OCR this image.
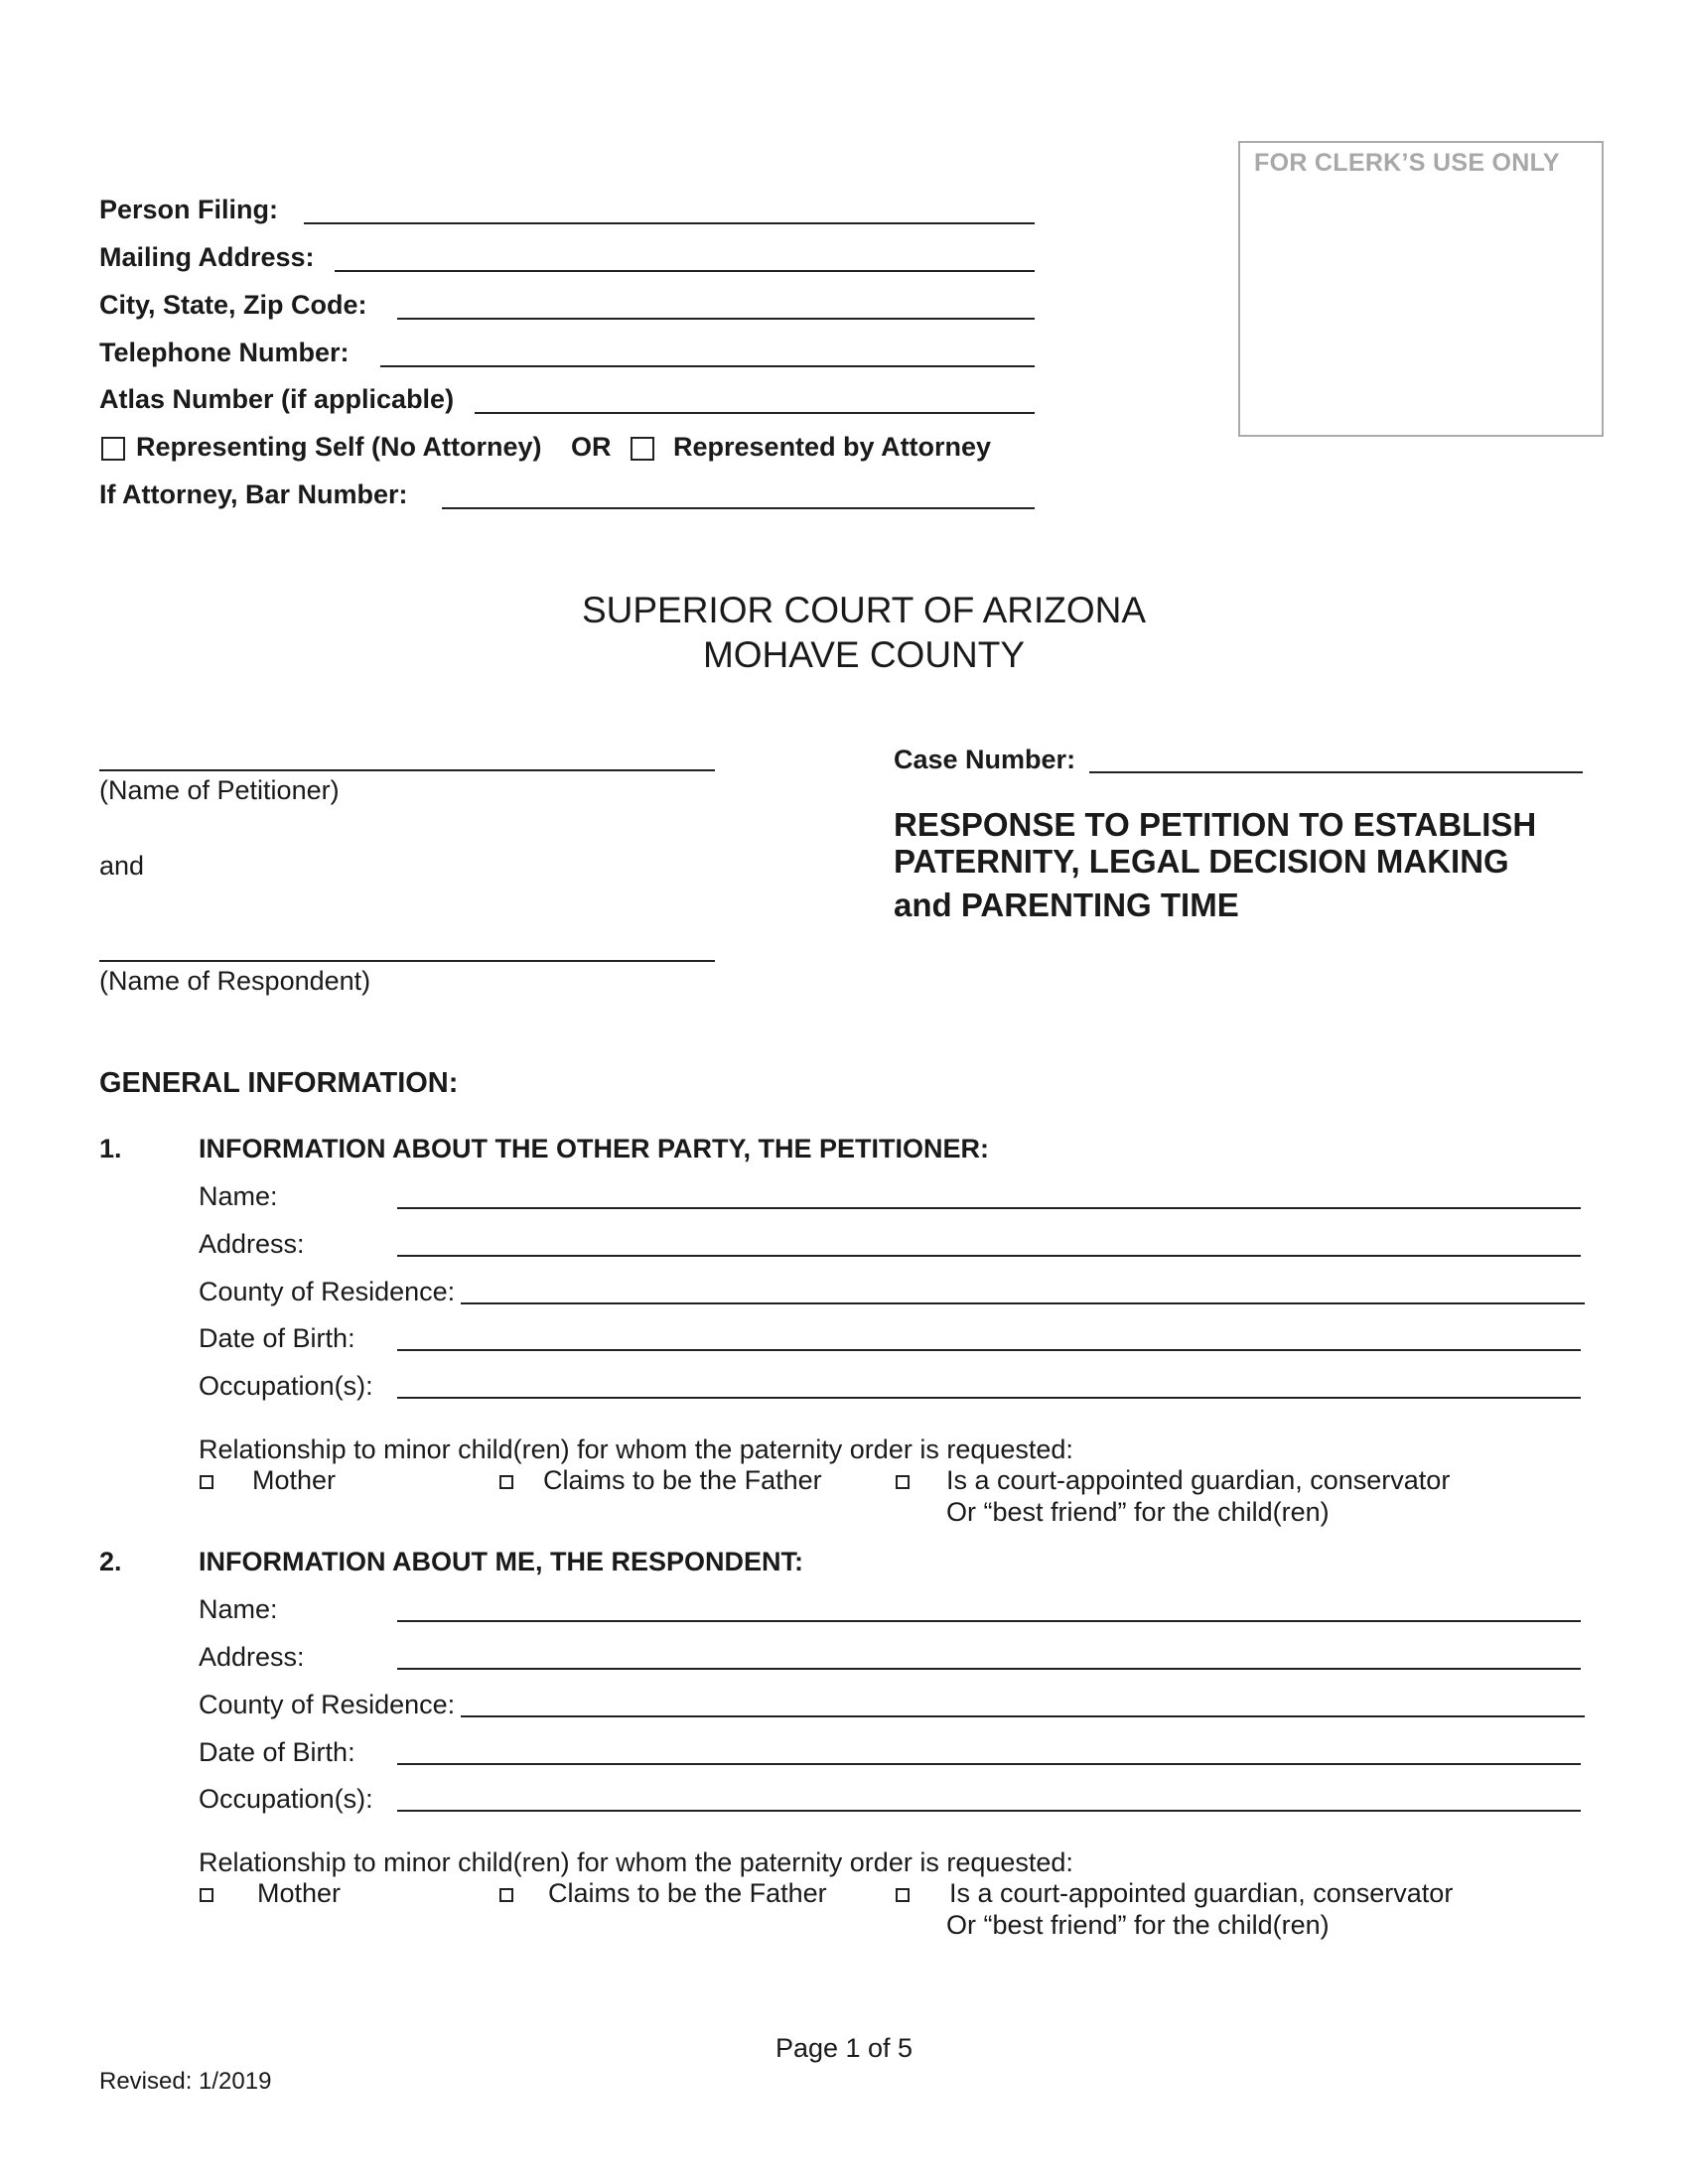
Person Filing:
Mailing Address:
City, State, Zip Code:
Telephone Number:
Atlas Number (if applicable)
Representing Self (No Attorney) OR Represented by Attorney
If Attorney, Bar Number:
FOR CLERK’S USE ONLY
SUPERIOR COURT OF ARIZONA
MOHAVE COUNTY
(Name of Petitioner)
and
(Name of Respondent)
Case Number:
RESPONSE TO PETITION TO ESTABLISH
PATERNITY, LEGAL DECISION MAKING
and PARENTING TIME
GENERAL INFORMATION:
1.	INFORMATION ABOUT THE OTHER PARTY, THE PETITIONER:
Name:
Address:
County of Residence:
Date of Birth:
Occupation(s):
Relationship to minor child(ren) for whom the paternity order is requested:
Mother	Claims to be the Father	Is a court-appointed guardian, conservator
Or “best friend” for the child(ren)
2.	INFORMATION ABOUT ME, THE RESPONDENT:
Name:
Address:
County of Residence:
Date of Birth:
Occupation(s):
Relationship to minor child(ren) for whom the paternity order is requested:
Mother	Claims to be the Father	Is a court-appointed guardian, conservator
Or “best friend” for the child(ren)
Page 1 of 5
Revised: 1/2019
